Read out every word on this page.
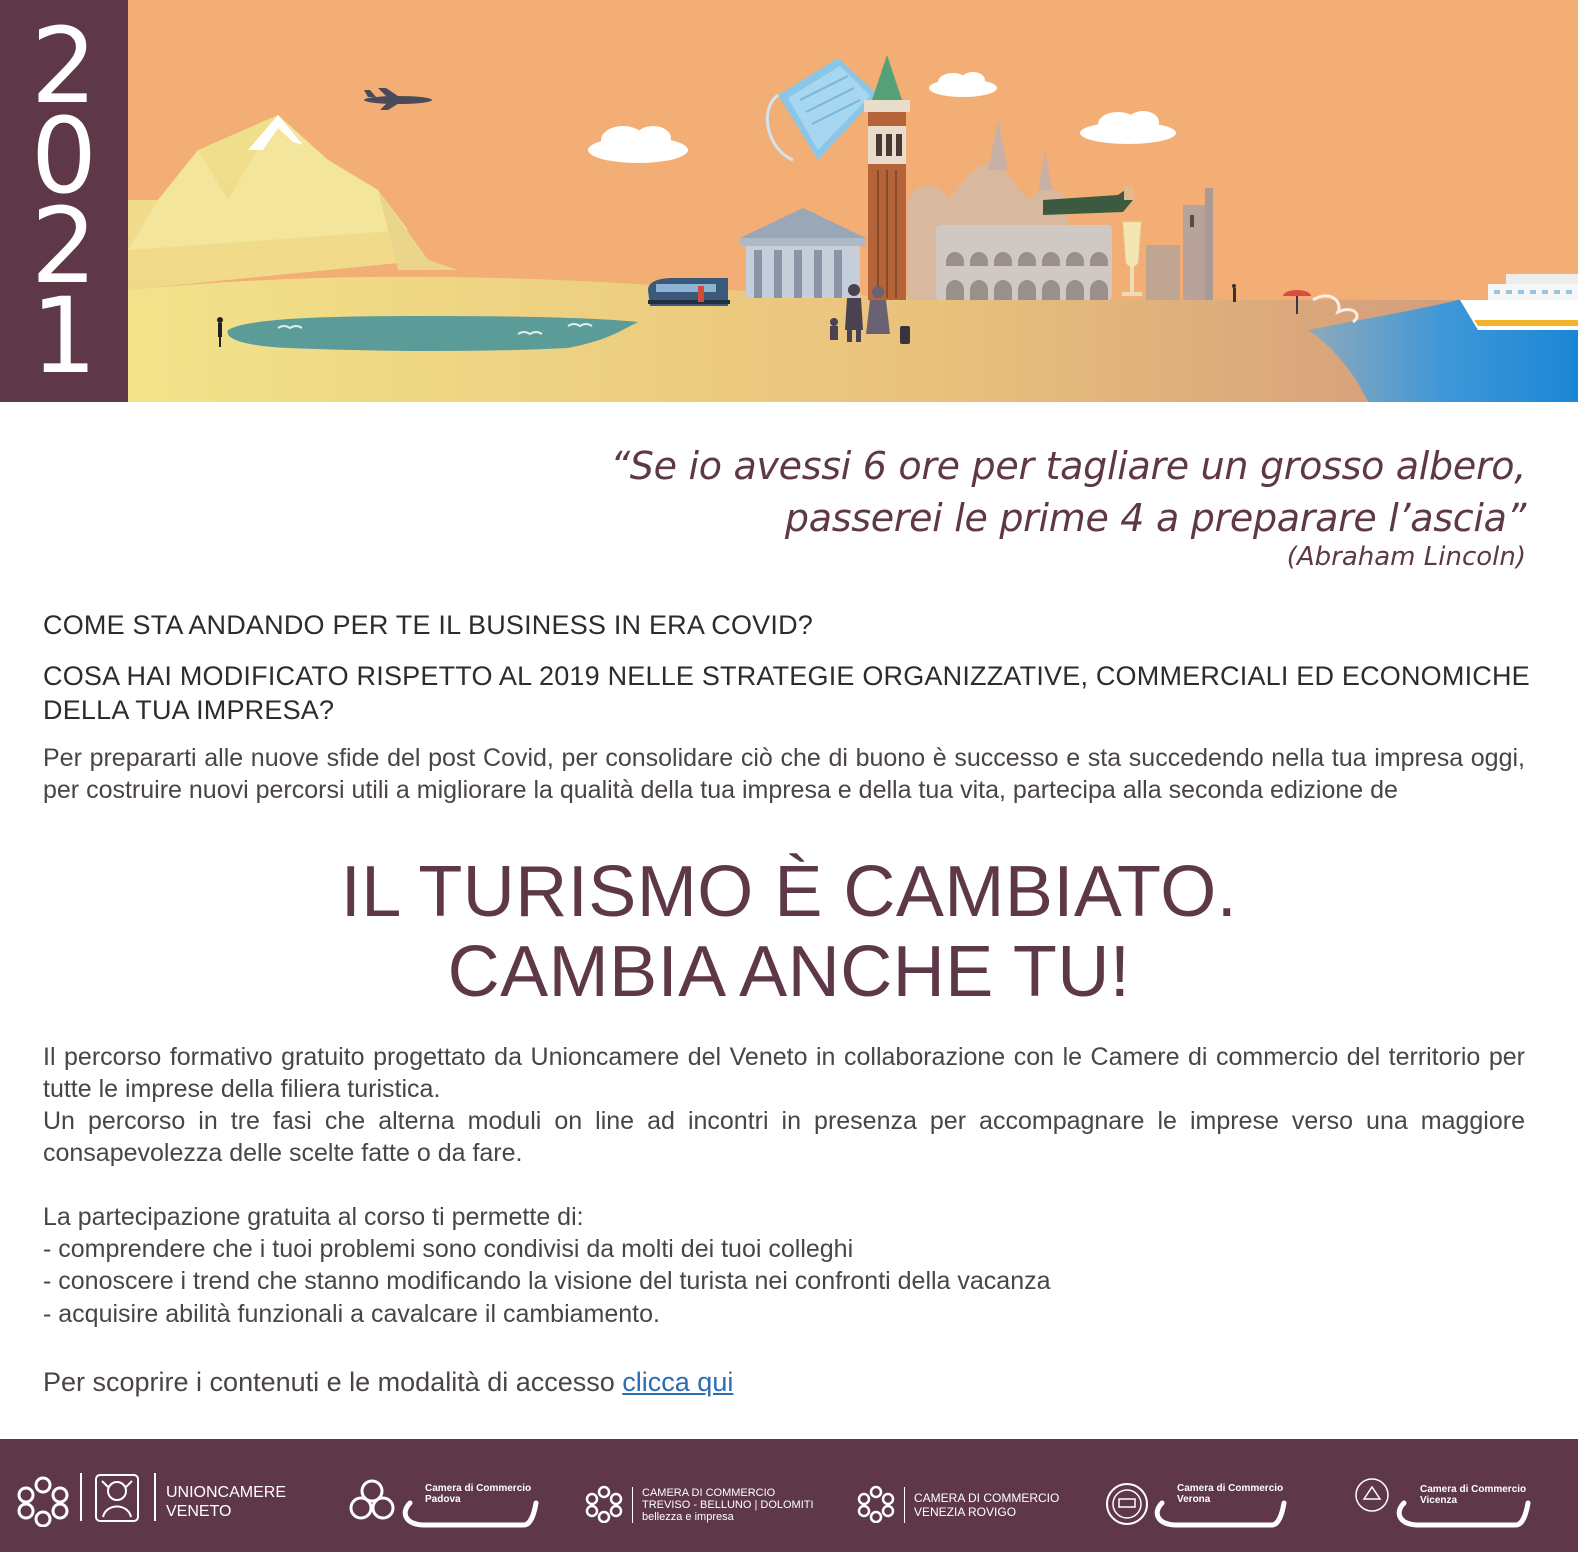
2
0
2
1
“Se io avessi 6 ore per tagliare un grosso albero,
passerei le prime 4 a preparare l’ascia”
(Abraham Lincoln)
COME STA ANDANDO PER TE IL BUSINESS IN ERA COVID?
COSA HAI MODIFICATO RISPETTO AL 2019 NELLE STRATEGIE ORGANIZZATIVE, COMMERCIALI ED ECONOMICHE DELLA TUA IMPRESA?
Per prepararti alle nuove sfide del post Covid, per consolidare ciò che di buono è successo e sta succedendo nella tua impresa oggi, per costruire nuovi percorsi utili a migliorare la qualità della tua impresa e della tua vita, partecipa alla seconda edizione de
IL TURISMO È CAMBIATO.
CAMBIA ANCHE TU!
Il percorso formativo gratuito progettato da Unioncamere del Veneto in collaborazione con le Camere di commercio del territorio per tutte le imprese della filiera turistica.
Un percorso in tre fasi che alterna moduli on line ad incontri in presenza per accompagnare le imprese verso una maggiore consapevolezza delle scelte fatte o da fare.
La partecipazione gratuita al corso ti permette di:
- comprendere che i tuoi problemi sono condivisi da molti dei tuoi colleghi
- conoscere i trend che stanno modificando la visione del turista nei confronti della vacanza
- acquisire abilità funzionali a cavalcare il cambiamento.
Per scoprire i contenuti e le modalità di accesso clicca qui
UNIONCAMERE
VENETO
Camera di Commercio
Padova
CAMERA DI COMMERCIO
TREVISO - BELLUNO | DOLOMITI
bellezza e impresa
CAMERA DI COMMERCIO
VENEZIA ROVIGO
Camera di Commercio
Verona
Camera di Commercio
Vicenza
